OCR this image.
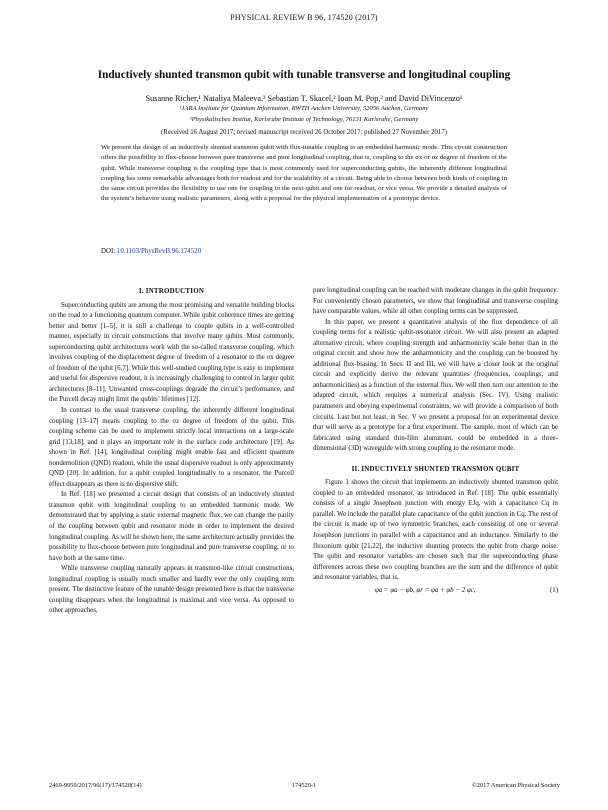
PHYSICAL REVIEW B 96, 174520 (2017)
Inductively shunted transmon qubit with tunable transverse and longitudinal coupling
Susanne Richer,¹ Nataliya Maleeva,² Sebastian T. Skacel,² Ioan M. Pop,² and David DiVincenzo¹
¹JARA Institute for Quantum Information, RWTH Aachen University, 52056 Aachen, Germany
²Physikalisches Institut, Karlsruhe Institute of Technology, 76131 Karlsruhe, Germany
(Received 16 August 2017; revised manuscript received 26 October 2017; published 27 November 2017)
We present the design of an inductively shunted transmon qubit with flux-tunable coupling to an embedded harmonic mode. This circuit construction offers the possibility to flux-choose between pure transverse and pure longitudinal coupling, that is, coupling to the σx or σz degree of freedom of the qubit. While transverse coupling is the coupling type that is most commonly used for superconducting qubits, the inherently different longitudinal coupling has some remarkable advantages both for readout and for the scalability of a circuit. Being able to choose between both kinds of coupling in the same circuit provides the flexibility to use one for coupling to the next qubit and one for readout, or vice versa. We provide a detailed analysis of the system’s behavior using realistic parameters, along with a proposal for the physical implementation of a prototype device.
DOI: 10.1103/PhysRevB.96.174520
I. INTRODUCTION

Superconducting qubits are among the most promising and versatile building blocks on the road to a functioning quantum computer. While qubit coherence times are getting better and better [1–5], it is still a challenge to couple qubits in a well-controlled manner, especially in circuit constructions that involve many qubits. Most commonly, superconducting qubit architectures work with the so-called transverse coupling, which involves coupling of the displacement degree of freedom of a resonator to the σx degree of freedom of the qubit [6,7]. While this well-studied coupling type is easy to implement and useful for dispersive readout, it is increasingly challenging to control in larger qubit architectures [8–11]. Unwanted cross-couplings degrade the circuit’s performance, and the Purcell decay might limit the qubits’ lifetimes [12].

In contrast to the usual transverse coupling, the inherently different longitudinal coupling [13–17] means coupling to the σz degree of freedom of the qubit. This coupling scheme can be used to implement strictly local interactions on a large-scale grid [13,18], and it plays an important role in the surface code architecture [19]. As shown in Ref. [14], longitudinal coupling might enable fast and efficient quantum nondemolition (QND) readout, while the usual dispersive readout is only approximately QND [20]. In addition, for a qubit coupled longitudinally to a resonator, the Purcell effect disappears as there is no dispersive shift.

In Ref. [18] we presented a circuit design that consists of an inductively shunted transmon qubit with longitudinal coupling to an embedded harmonic mode. We demonstrated that by applying a static external magnetic flux, we can change the parity of the coupling between qubit and resonator mode in order to implement the desired longitudinal coupling. As will be shown here, the same architecture actually provides the possibility to flux-choose between pure longitudinal and pure transverse coupling, or to have both at the same time.

While transverse coupling naturally appears in transmon-like circuit constructions, longitudinal coupling is usually much smaller and hardly ever the only coupling term present. The distinctive feature of the tunable design presented here is that the transverse coupling disappears when the longitudinal is maximal and vice versa. As opposed to other approaches,

pure longitudinal coupling can be reached with moderate changes in the qubit frequency. For conveniently chosen parameters, we show that longitudinal and transverse coupling have comparable values, while all other coupling terms can be suppressed.

In this paper, we present a quantitative analysis of the flux dependence of all coupling terms for a realistic qubit-resonator circuit. We will also present an adapted alternative circuit, where coupling strength and anharmonicity scale better than in the original circuit and show how the anharmonicity and the coupling can be boosted by additional flux-biasing. In Secs. II and III, we will have a closer look at the original circuit and explicitly derive the relevant quantities (frequencies, couplings, and anharmonicities) as a function of the external flux. We will then turn our attention to the adapted circuit, which requires a numerical analysis (Sec. IV). Using realistic parameters and obeying experimental constraints, we will provide a comparison of both circuits. Last but not least, in Sec. V we present a proposal for an experimental device that will serve as a prototype for a first experiment. The sample, most of which can be fabricated using standard thin-film aluminum, could be embedded in a three-dimensional (3D) waveguide with strong coupling to the resonator mode.

II. INDUCTIVELY SHUNTED TRANSMON QUBIT

Figure 1 shows the circuit that implements an inductively shunted transmon qubit coupled to an embedded resonator, as introduced in Ref. [18]. The qubit essentially consists of a single Josephson junction with energy EJq, with a capacitance Cq in parallel. We include the parallel plate capacitance of the qubit junction in Cq. The rest of the circuit is made up of two symmetric branches, each consisting of one or several Josephson junctions in parallel with a capacitance and an inductance. Similarly to the fluxonium qubit [21,22], the inductive shunting protects the qubit from charge noise. The qubit and resonator variables are chosen such that the superconducting phase differences across these two coupling branches are the sum and the difference of qubit and resonator variables, that is,

φa = φa − φb, φr = φa + φb − 2 φc,	(1)
2469-9950/2017/96(17)/174520(14)	174520-1	©2017 American Physical Society
